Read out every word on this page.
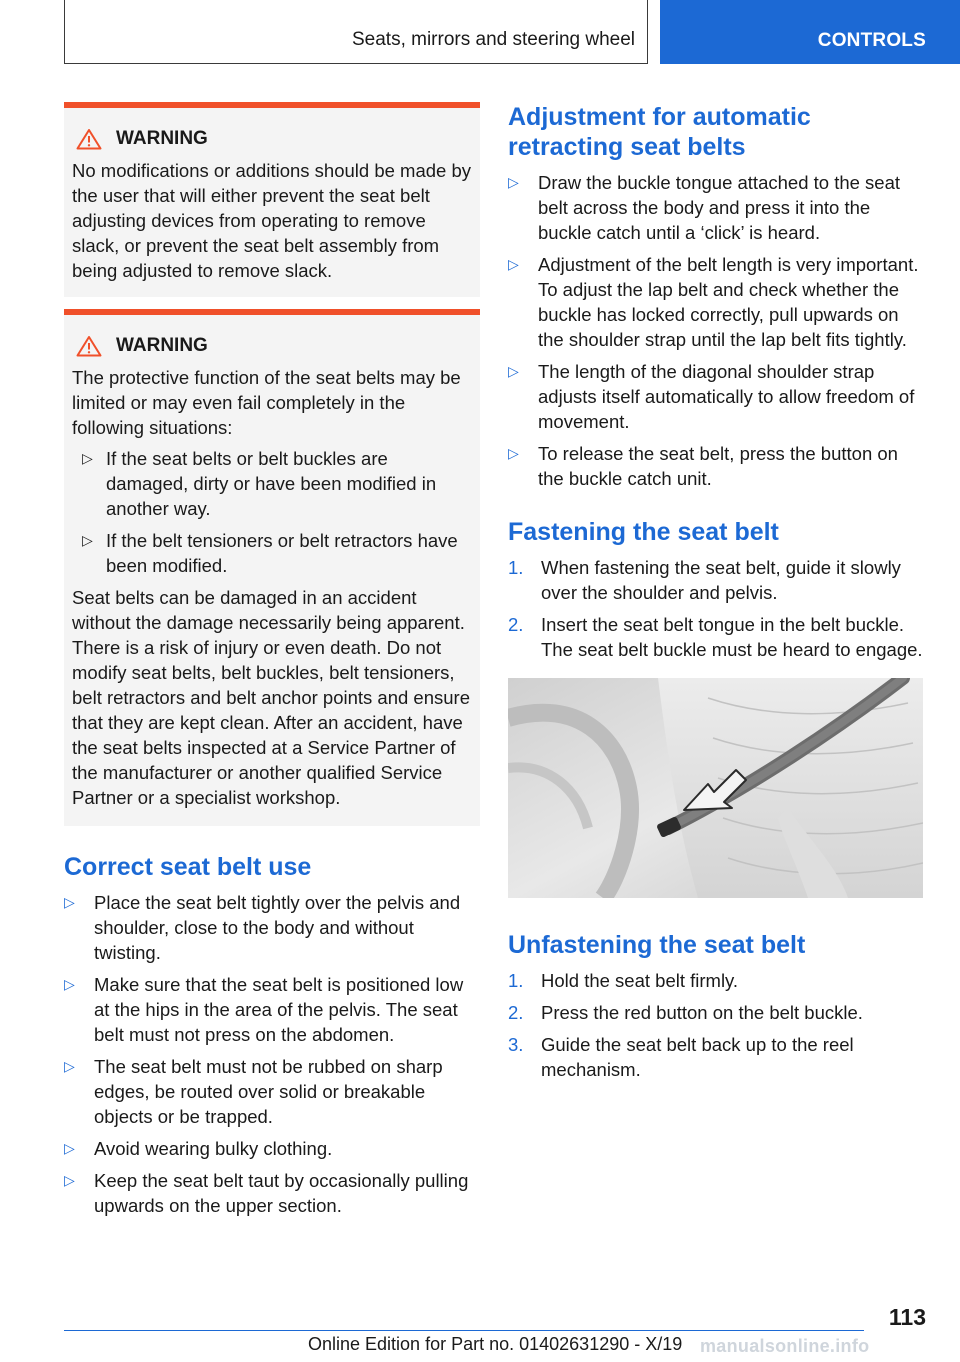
Seats, mirrors and steering wheel	CONTROLS
WARNING

No modifications or additions should be made by the user that will either prevent the seat belt adjusting devices from operating to remove slack, or prevent the seat belt assembly from being adjusted to remove slack.

WARNING

The protective function of the seat belts may be limited or may even fail completely in the following situations:

▷ If the seat belts or belt buckles are damaged, dirty or have been modified in another way.
▷ If the belt tensioners or belt retractors have been modified.

Seat belts can be damaged in an accident without the damage necessarily being apparent. There is a risk of injury or even death. Do not modify seat belts, belt buckles, belt tensioners, belt retractors and belt anchor points and ensure that they are kept clean. After an accident, have the seat belts inspected at a Service Partner of the manufacturer or another qualified Service Partner or a specialist workshop.

Correct seat belt use
▷ Place the seat belt tightly over the pelvis and shoulder, close to the body and without twisting.
▷ Make sure that the seat belt is positioned low at the hips in the area of the pelvis. The seat belt must not press on the abdomen.
▷ The seat belt must not be rubbed on sharp edges, be routed over solid or breakable objects or be trapped.
▷ Avoid wearing bulky clothing.
▷ Keep the seat belt taut by occasionally pulling upwards on the upper section.
Adjustment for automatic retracting seat belts
▷ Draw the buckle tongue attached to the seat belt across the body and press it into the buckle catch until a ‘click’ is heard.
▷ Adjustment of the belt length is very important. To adjust the lap belt and check whether the buckle has locked correctly, pull upwards on the shoulder strap until the lap belt fits tightly.
▷ The length of the diagonal shoulder strap adjusts itself automatically to allow freedom of movement.
▷ To release the seat belt, press the button on the buckle catch unit.
Fastening the seat belt
1. When fastening the seat belt, guide it slowly over the shoulder and pelvis.
2. Insert the seat belt tongue in the belt buckle. The seat belt buckle must be heard to engage.
Unfastening the seat belt
1. Hold the seat belt firmly.
2. Press the red button on the belt buckle.
3. Guide the seat belt back up to the reel mechanism.
113
Online Edition for Part no. 01402631290 - X/19 manualsonline.info
